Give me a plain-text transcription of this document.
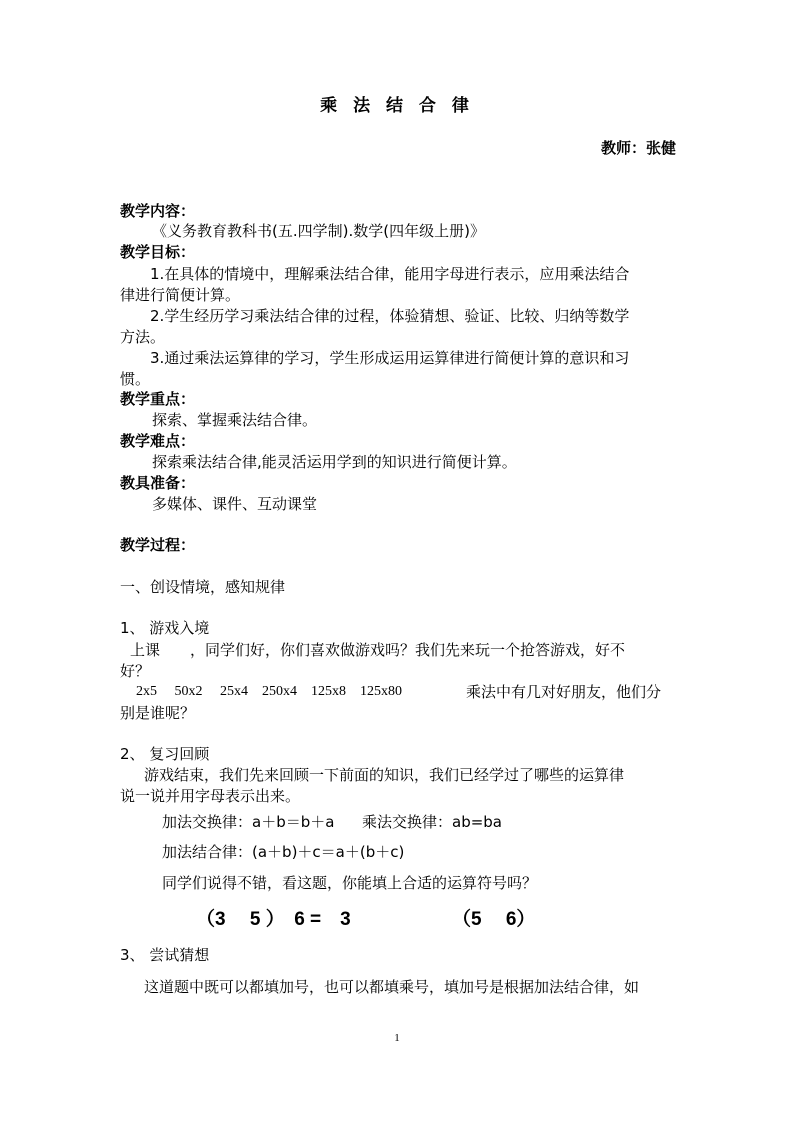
乘 法 结 合 律
教师：张健
教学内容：
《义务教育教科书(五.四学制).数学(四年级上册)》
教学目标：
1.在具体的情境中，理解乘法结合律，能用字母进行表示，应用乘法结合
律进行简便计算。
2.学生经历学习乘法结合律的过程，体验猜想、验证、比较、归纳等数学
方法。
3.通过乘法运算律的学习，学生形成运用运算律进行简便计算的意识和习
惯。
教学重点：
探索、掌握乘法结合律。
教学难点：
探索乘法结合律,能灵活运用学到的知识进行简便计算。
教具准备：
多媒体、课件、互动课堂
教学过程：
一、创设情境，感知规律
1、 游戏入境
上课　　，同学们好，你们喜欢做游戏吗？我们先来玩一个抢答游戏，好不
好？
2x5　 50x2　 25x4　250x4　125x8　125x80	乘法中有几对好朋友，他们分
别是谁呢？
2、 复习回顾
游戏结束，我们先来回顾一下前面的知识，我们已经学过了哪些的运算律
说一说并用字母表示出来。
加法交换律：a＋b＝b＋a 乘法交换律：ab=ba
加法结合律：(a＋b)＋c＝a＋(b＋c)
同学们说得不错，看这题，你能填上合适的运算符号吗？
（3　 5 ）　6 =　3	（5　 6）
3、 尝试猜想
这道题中既可以都填加号，也可以都填乘号，填加号是根据加法结合律，如
1
